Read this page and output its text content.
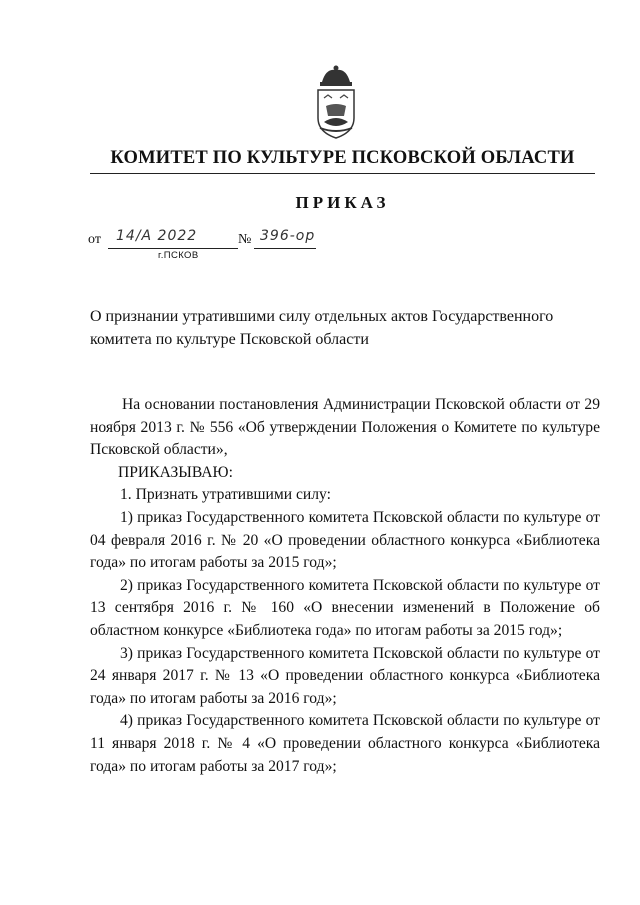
КОМИТЕТ ПО КУЛЬТУРЕ ПСКОВСКОЙ ОБЛАСТИ
ПРИКАЗ
от 14/А 2022	№ 396-ор
г.ПСКОВ
О признании утратившими силу отдельных актов Государственного комитета по культуре Псковской области

На основании постановления Администрации Псковской области от 29 ноября 2013 г. № 556 «Об утверждении Положения о Комитете по культуре Псковской области»,

ПРИКАЗЫВАЮ:

1. Признать утратившими силу:

1) приказ Государственного комитета Псковской области по культуре от 04 февраля 2016 г. № 20 «О проведении областного конкурса «Библиотека года» по итогам работы за 2015 год»;

2) приказ Государственного комитета Псковской области по культуре от 13 сентября 2016 г. № 160 «О внесении изменений в Положение об областном конкурсе «Библиотека года» по итогам работы за 2015 год»;

3) приказ Государственного комитета Псковской области по культуре от 24 января 2017 г. № 13 «О проведении областного конкурса «Библиотека года» по итогам работы за 2016 год»;

4) приказ Государственного комитета Псковской области по культуре от 11 января 2018 г. № 4 «О проведении областного конкурса «Библиотека года» по итогам работы за 2017 год»;
